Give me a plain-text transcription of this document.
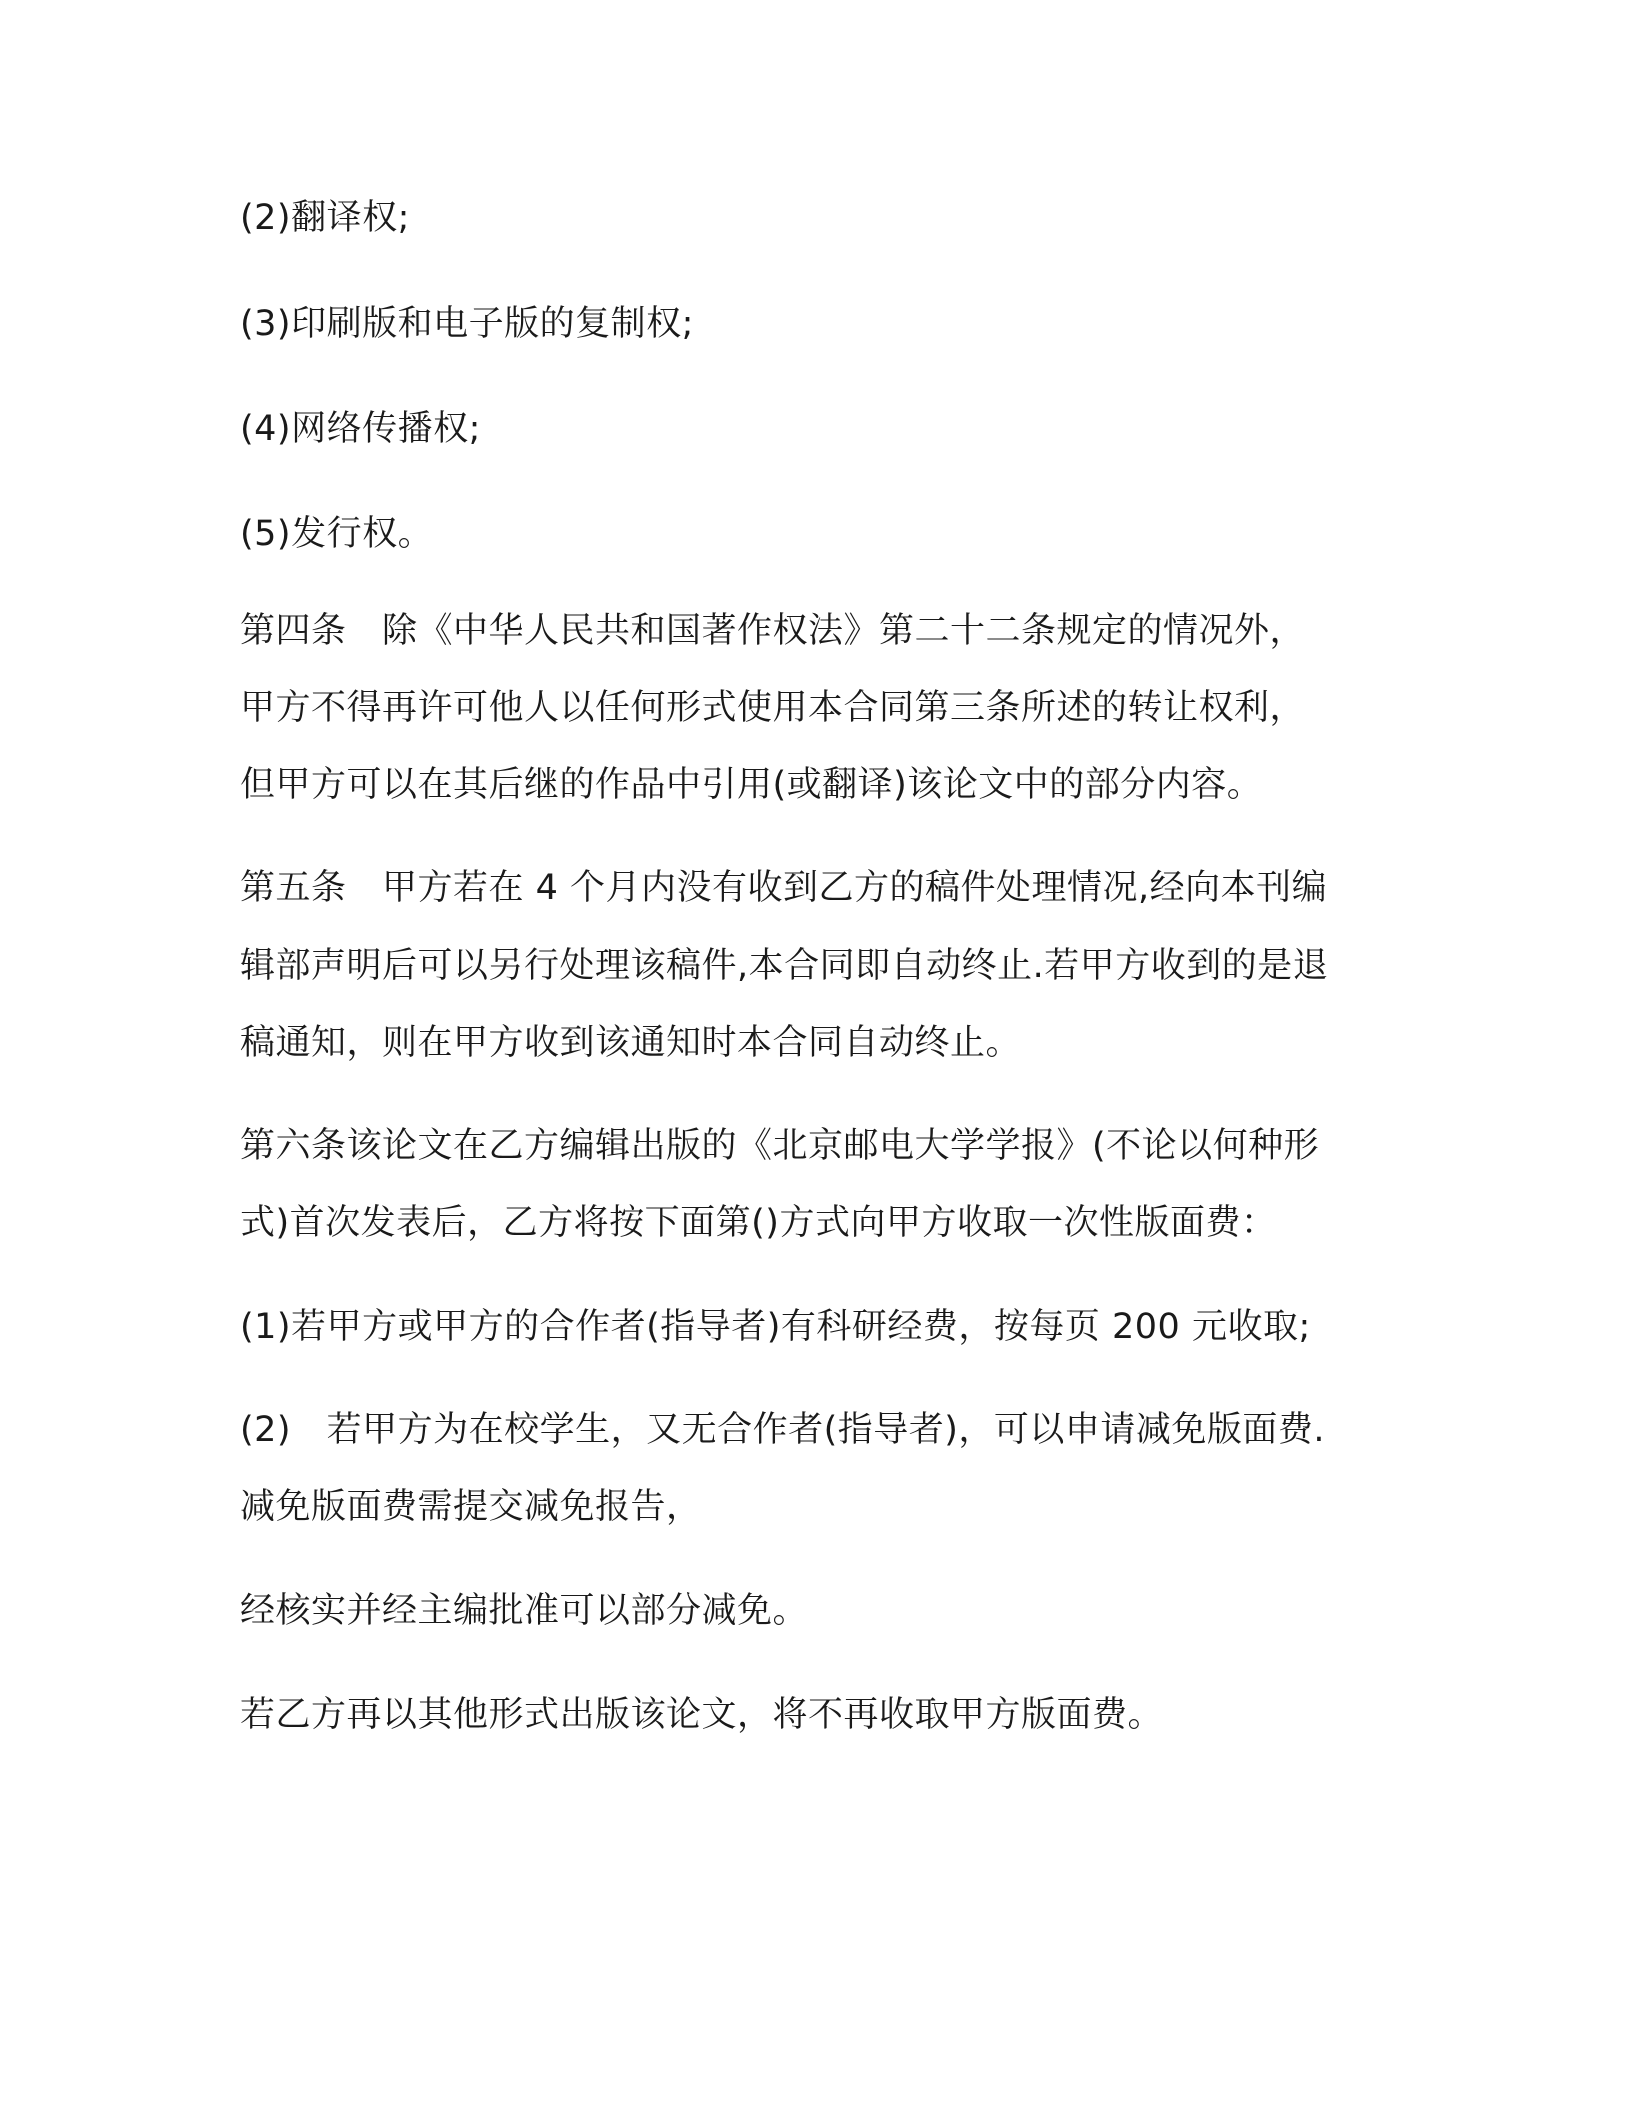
(2)翻译权;

(3)印刷版和电子版的复制权;

(4)网络传播权;

(5)发行权。

第四条　除《中华人民共和国著作权法》第二十二条规定的情况外，

甲方不得再许可他人以任何形式使用本合同第三条所述的转让权利，

但甲方可以在其后继的作品中引用(或翻译)该论文中的部分内容。

第五条　甲方若在 4 个月内没有收到乙方的稿件处理情况,经向本刊编

辑部声明后可以另行处理该稿件,本合同即自动终止.若甲方收到的是退

稿通知，则在甲方收到该通知时本合同自动终止。

第六条该论文在乙方编辑出版的《北京邮电大学学报》(不论以何种形

式)首次发表后，乙方将按下面第()方式向甲方收取一次性版面费：

(1)若甲方或甲方的合作者(指导者)有科研经费，按每页 200 元收取;

(2)　若甲方为在校学生，又无合作者(指导者)，可以申请减免版面费.

减免版面费需提交减免报告，

经核实并经主编批准可以部分减免。

若乙方再以其他形式出版该论文，将不再收取甲方版面费。
